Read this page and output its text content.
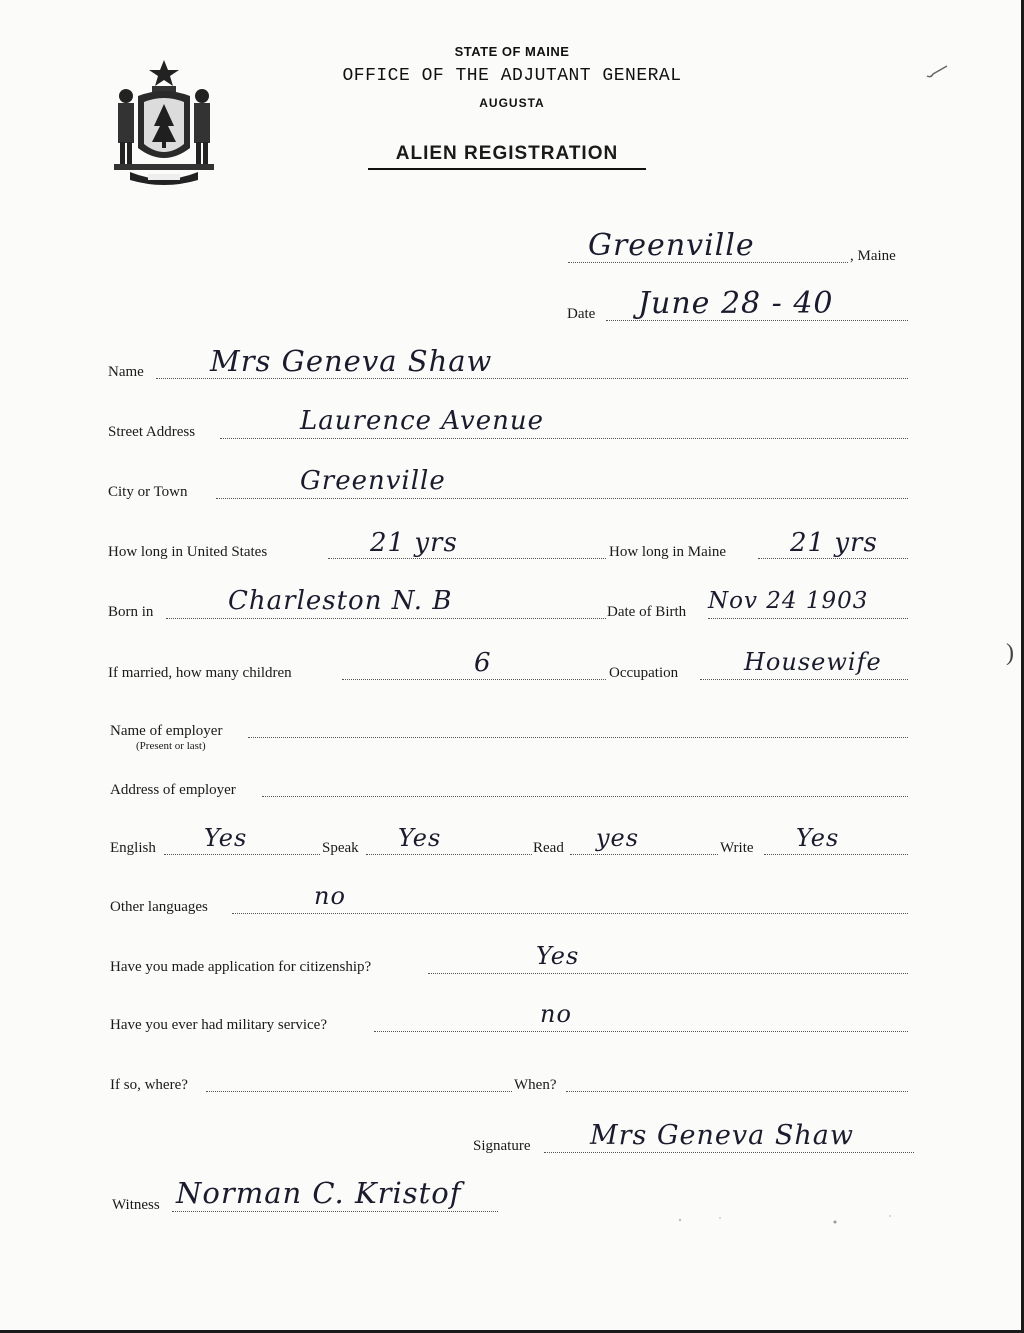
)
STATE OF MAINE
OFFICE OF THE ADJUTANT GENERAL
AUGUSTA
ALIEN REGISTRATION
Greenville	, Maine
Date June 28 - 40
Name Mrs Geneva Shaw
Street Address	Laurence Avenue
City or Town	Greenville
How long in United States	21 yrs	How long in Maine 21 yrs
Born in	Charleston N. B	Date of Birth Nov 24 1903
If married, how many children	6	Occupation	Housewife
Name of employer
(Present or last)
Address of employer
English Yes	Speak Yes	Read yes	Write Yes
Other languages	no
Have you made application for citizenship?	Yes
Have you ever had military service?	no
If so, where?	When?
Signature Mrs Geneva Shaw
Witness Norman C. Kristof
